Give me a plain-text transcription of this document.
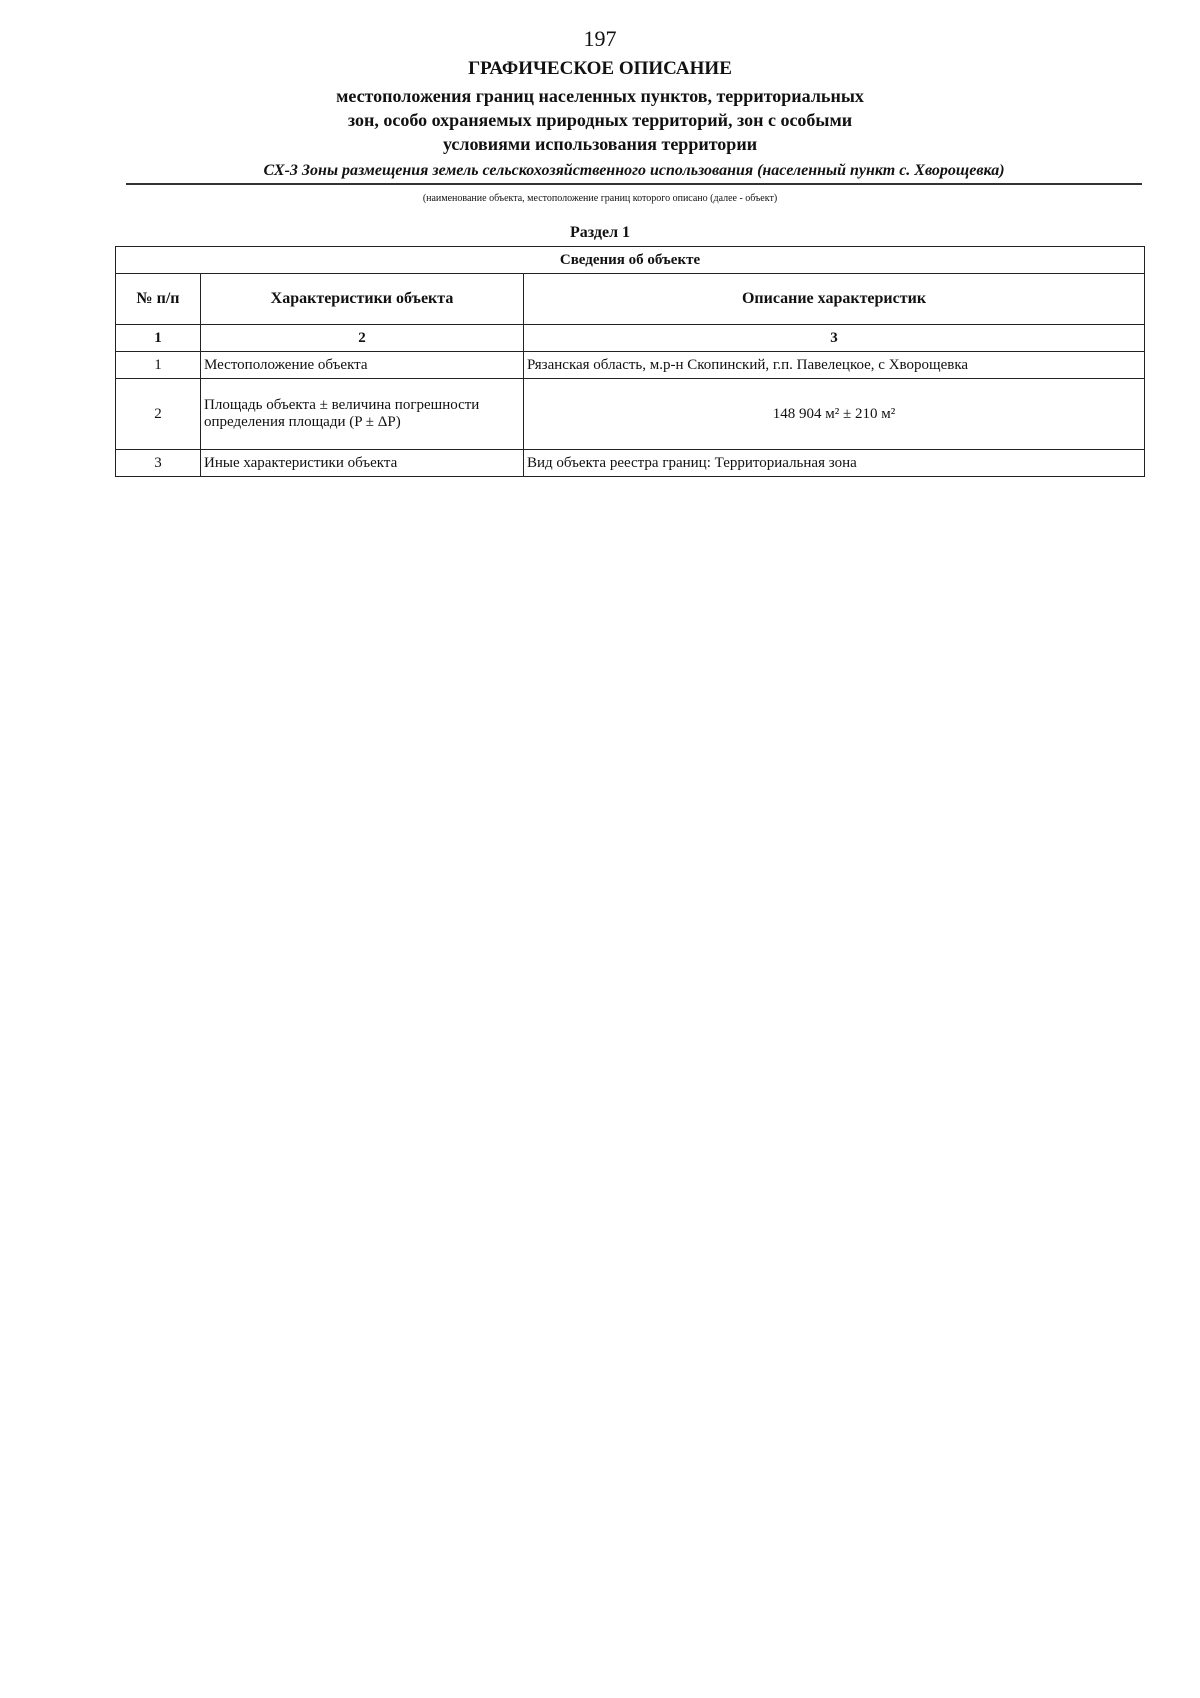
197
ГРАФИЧЕСКОЕ ОПИСАНИЕ
местоположения границ населенных пунктов, территориальных
зон, особо охраняемых природных территорий, зон с особыми
условиями использования территории
СХ-3 Зоны размещения земель сельскохозяйственного использования (населенный пункт с. Хворощевка)
(наименование объекта, местоположение границ которого описано (далее - объект)
Раздел 1
Сведения об объекте		
№ п/п	Характеристики объекта	Описание характеристик
1	2	3
1	Местоположение объекта	Рязанская область, м.р-н Скопинский, г.п. Павелецкое, с Хворощевка
2	Площадь объекта ± величина погрешности определения площади (P ± ΔP)	148 904 м² ± 210 м²
3	Иные характеристики объекта	Вид объекта реестра границ: Территориальная зона
